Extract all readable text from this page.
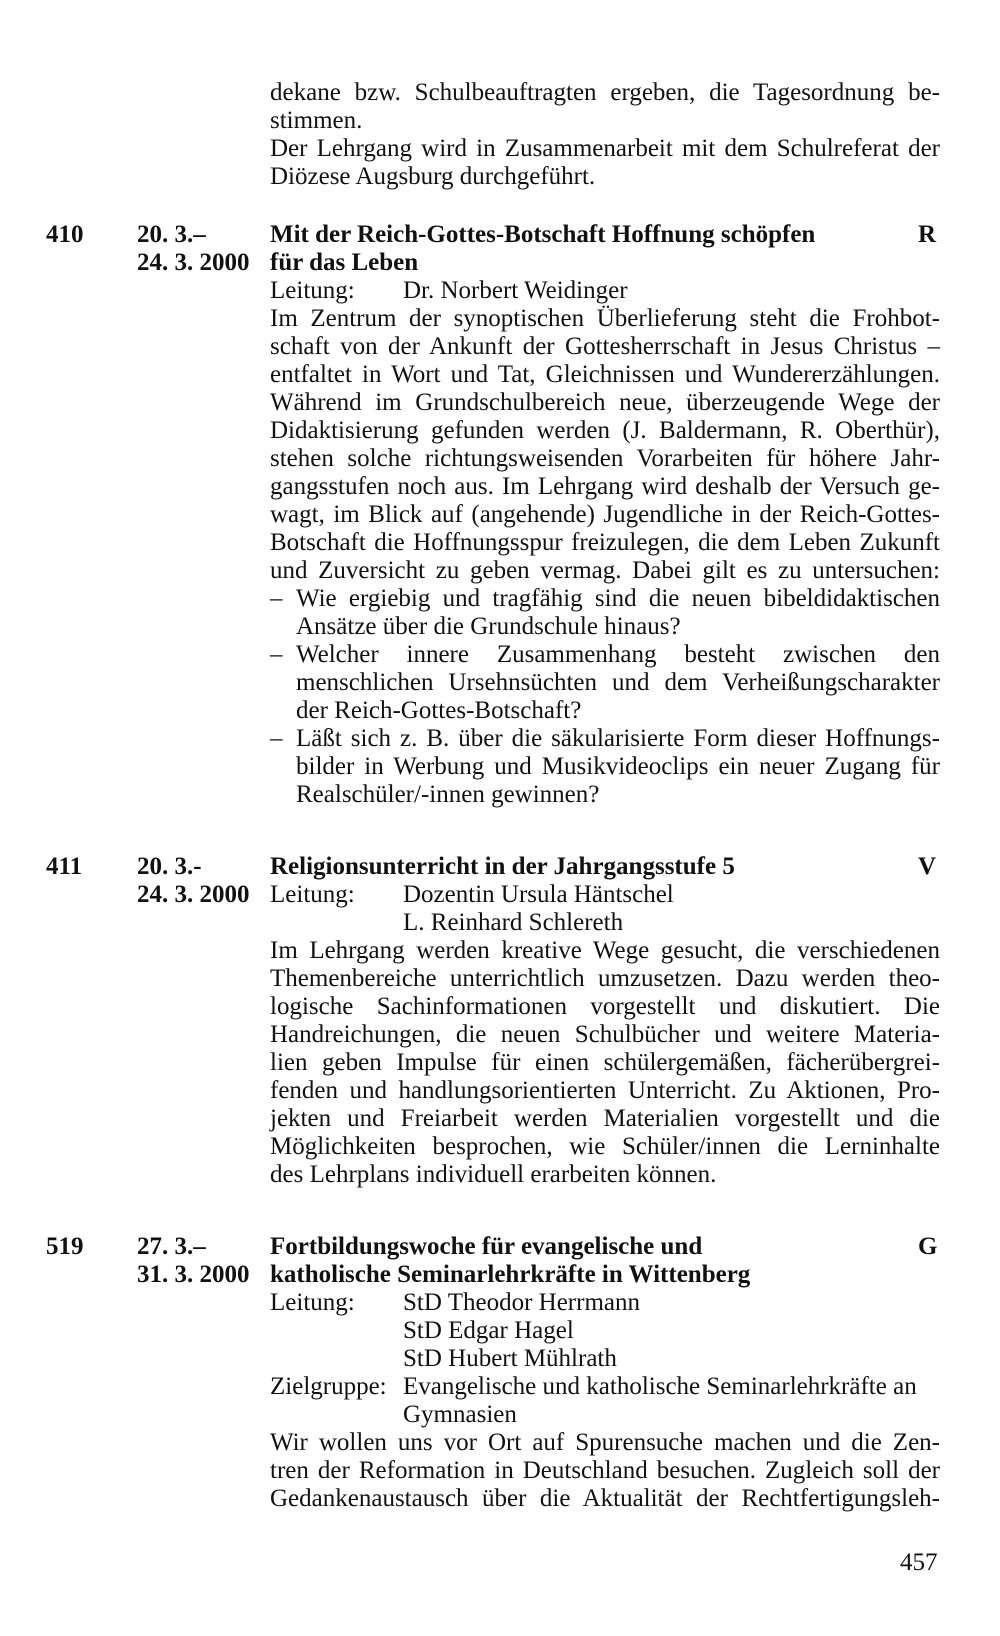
dekane bzw. Schulbeauftragten ergeben, die Tagesordnung be-
stimmen.
Der Lehrgang wird in Zusammenarbeit mit dem Schulreferat der
Diözese Augsburg durchgeführt.
410 20. 3.–
24. 3. 2000
Mit der Reich-Gottes-Botschaft Hoffnung schöpfen
für das Leben
R
Leitung: Dr. Norbert Weidinger
Im Zentrum der synoptischen Überlieferung steht die Frohbot-
schaft von der Ankunft der Gottesherrschaft in Jesus Christus –
entfaltet in Wort und Tat, Gleichnissen und Wundererzählungen.
Während im Grundschulbereich neue, überzeugende Wege der
Didaktisierung gefunden werden (J. Baldermann, R. Oberthür),
stehen solche richtungsweisenden Vorarbeiten für höhere Jahr-
gangsstufen noch aus. Im Lehrgang wird deshalb der Versuch ge-
wagt, im Blick auf (angehende) Jugendliche in der Reich-Gottes-
Botschaft die Hoffnungsspur freizulegen, die dem Leben Zukunft
und Zuversicht zu geben vermag. Dabei gilt es zu untersuchen:
– Wie ergiebig und tragfähig sind die neuen bibeldidaktischen
Ansätze über die Grundschule hinaus?
– Welcher innere Zusammenhang besteht zwischen den
menschlichen Ursehnsüchten und dem Verheißungscharakter
der Reich-Gottes-Botschaft?
– Läßt sich z. B. über die säkularisierte Form dieser Hoffnungs-
bilder in Werbung und Musikvideoclips ein neuer Zugang für
Realschüler/-innen gewinnen?
411 20. 3.-
24. 3. 2000
Religionsunterricht in der Jahrgangsstufe 5	V
Leitung: Dozentin Ursula Häntschel
L. Reinhard Schlereth
Im Lehrgang werden kreative Wege gesucht, die verschiedenen
Themenbereiche unterrichtlich umzusetzen. Dazu werden theo-
logische Sachinformationen vorgestellt und diskutiert. Die
Handreichungen, die neuen Schulbücher und weitere Materia-
lien geben Impulse für einen schülergemäßen, fächerübergrei-
fenden und handlungsorientierten Unterricht. Zu Aktionen, Pro-
jekten und Freiarbeit werden Materialien vorgestellt und die
Möglichkeiten besprochen, wie Schüler/innen die Lerninhalte
des Lehrplans individuell erarbeiten können.
519 27. 3.–
31. 3. 2000
Fortbildungswoche für evangelische und
katholische Seminarlehrkräfte in Wittenberg
G
Leitung: StD Theodor Herrmann
StD Edgar Hagel
StD Hubert Mühlrath
Zielgruppe: Evangelische und katholische Seminarlehrkräfte an
Gymnasien
Wir wollen uns vor Ort auf Spurensuche machen und die Zen-
tren der Reformation in Deutschland besuchen. Zugleich soll der
Gedankenaustausch über die Aktualität der Rechtfertigungsleh-
457
